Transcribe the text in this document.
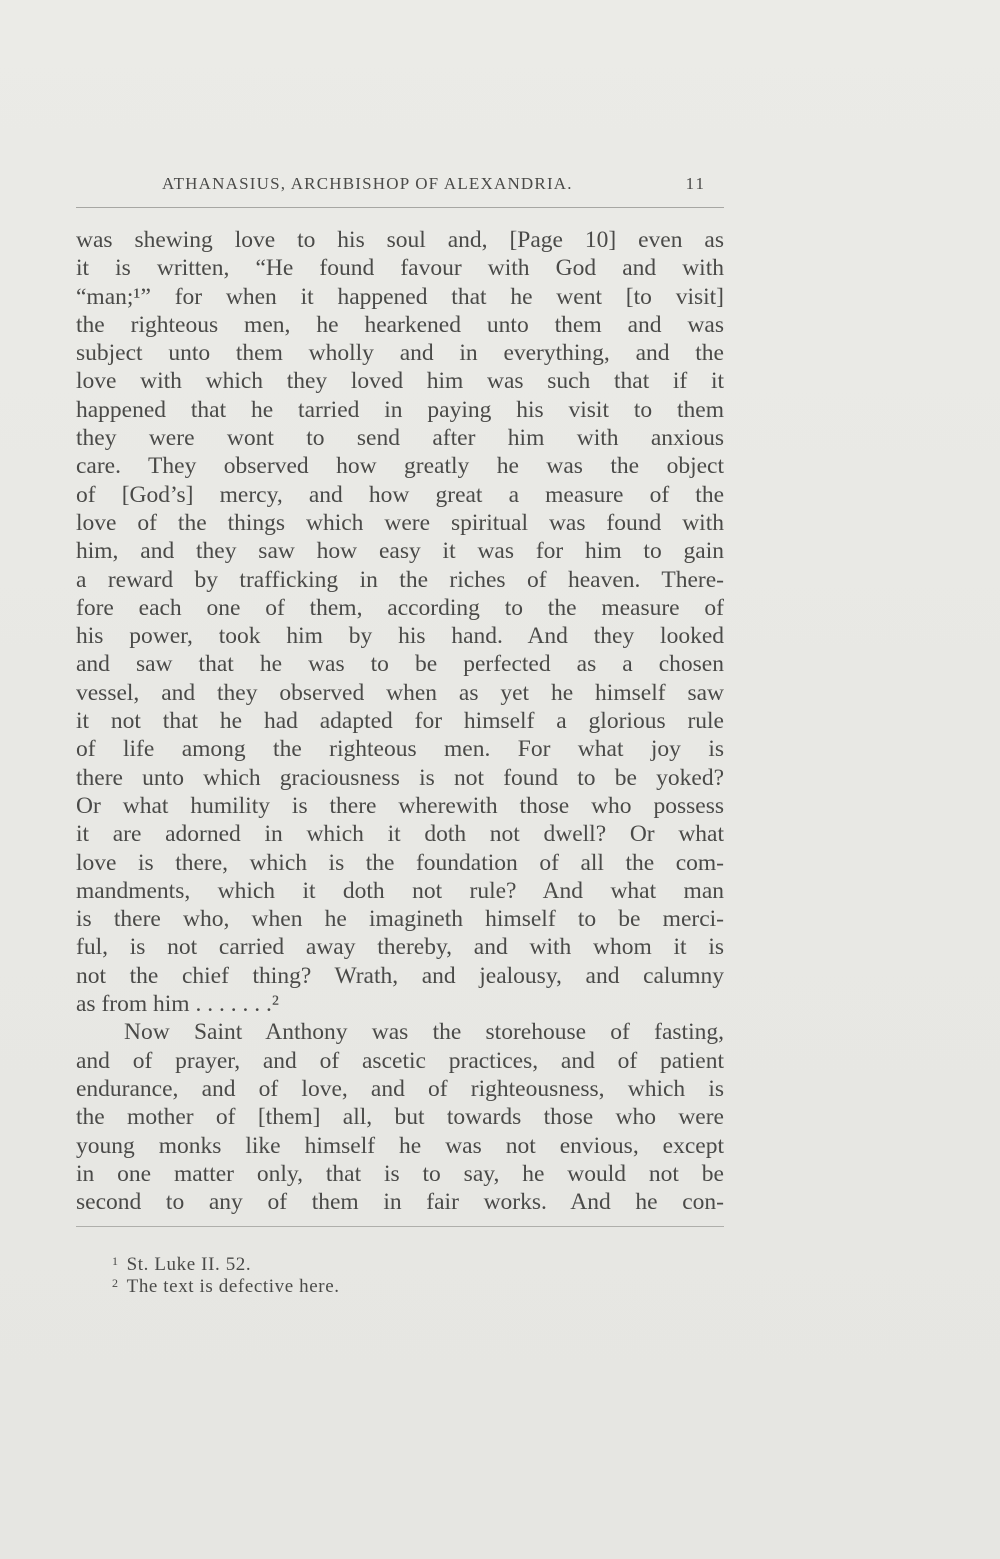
ATHANASIUS, ARCHBISHOP OF ALEXANDRIA.	11
was shewing love to his soul and, [Page 10] even as
it is written, “He found favour with God and with
“man;¹” for when it happened that he went [to visit]
the righteous men, he hearkened unto them and was
subject unto them wholly and in everything, and the
love with which they loved him was such that if it
happened that he tarried in paying his visit to them
they were wont to send after him with anxious
care. They observed how greatly he was the object
of [God’s] mercy, and how great a measure of the
love of the things which were spiritual was found with
him, and they saw how easy it was for him to gain
a reward by trafficking in the riches of heaven. There-
fore each one of them, according to the measure of
his power, took him by his hand. And they looked
and saw that he was to be perfected as a chosen
vessel, and they observed when as yet he himself saw
it not that he had adapted for himself a glorious rule
of life among the righteous men. For what joy is
there unto which graciousness is not found to be yoked?
Or what humility is there wherewith those who possess
it are adorned in which it doth not dwell? Or what
love is there, which is the foundation of all the com-
mandments, which it doth not rule? And what man
is there who, when he imagineth himself to be merci-
ful, is not carried away thereby, and with whom it is
not the chief thing? Wrath, and jealousy, and calumny
as from him . . . . . . .²
Now Saint Anthony was the storehouse of fasting,
and of prayer, and of ascetic practices, and of patient
endurance, and of love, and of righteousness, which is
the mother of [them] all, but towards those who were
young monks like himself he was not envious, except
in one matter only, that is to say, he would not be
second to any of them in fair works. And he con-
$^1$ St. Luke II. 52.
$^2$ The text is defective here.
